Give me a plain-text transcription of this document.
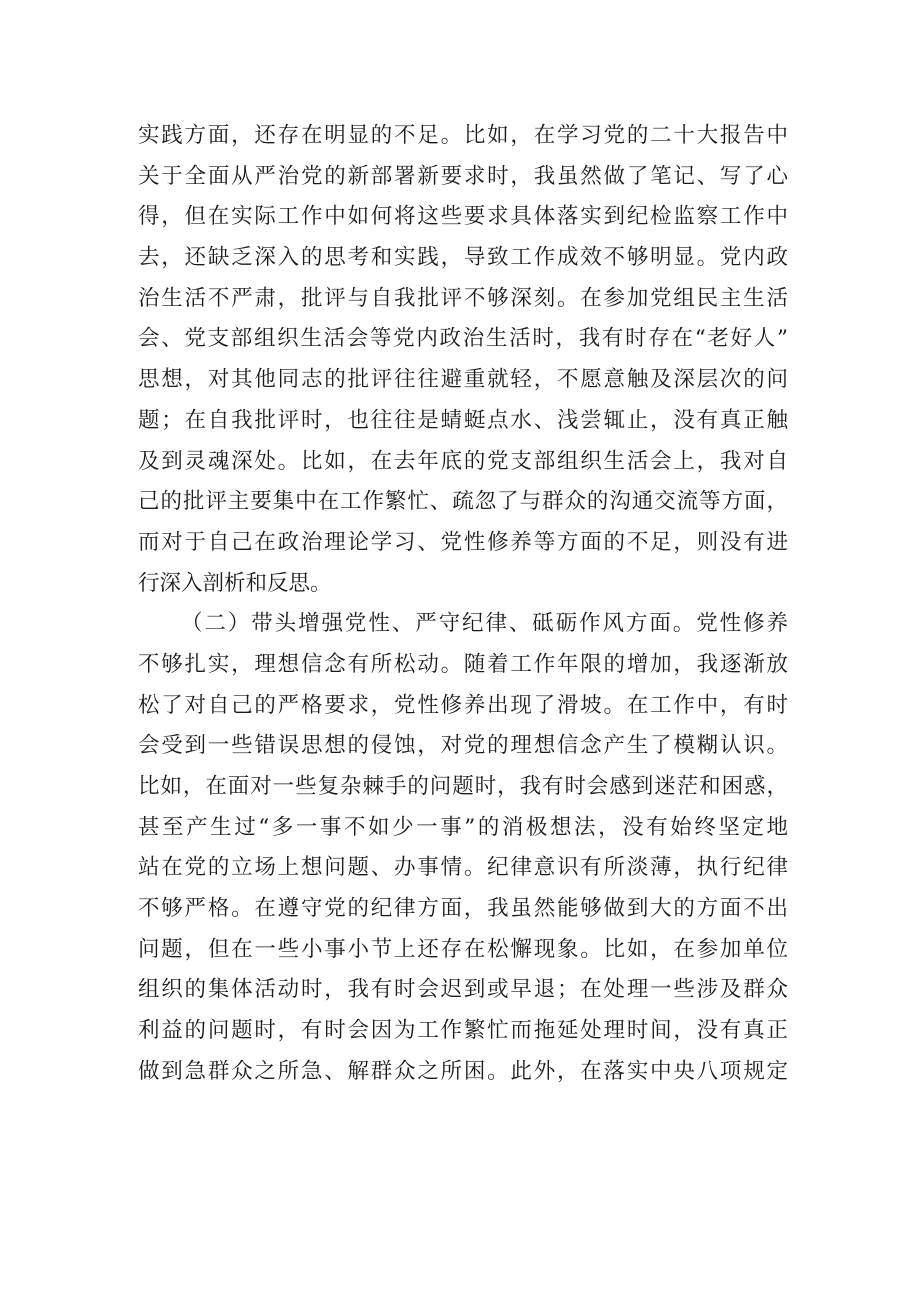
实践方面，还存在明显的不足。比如，在学习党的二十大报告中
关于全面从严治党的新部署新要求时，我虽然做了笔记、写了心
得，但在实际工作中如何将这些要求具体落实到纪检监察工作中
去，还缺乏深入的思考和实践，导致工作成效不够明显。党内政
治生活不严肃，批评与自我批评不够深刻。在参加党组民主生活
会、党支部组织生活会等党内政治生活时，我有时存在“老好人”
思想，对其他同志的批评往往避重就轻，不愿意触及深层次的问
题；在自我批评时，也往往是蜻蜓点水、浅尝辄止，没有真正触
及到灵魂深处。比如，在去年底的党支部组织生活会上，我对自
己的批评主要集中在工作繁忙、疏忽了与群众的沟通交流等方面，
而对于自己在政治理论学习、党性修养等方面的不足，则没有进
行深入剖析和反思。
（二）带头增强党性、严守纪律、砥砺作风方面。党性修养
不够扎实，理想信念有所松动。随着工作年限的增加，我逐渐放
松了对自己的严格要求，党性修养出现了滑坡。在工作中，有时
会受到一些错误思想的侵蚀，对党的理想信念产生了模糊认识。
比如，在面对一些复杂棘手的问题时，我有时会感到迷茫和困惑，
甚至产生过“多一事不如少一事”的消极想法，没有始终坚定地
站在党的立场上想问题、办事情。纪律意识有所淡薄，执行纪律
不够严格。在遵守党的纪律方面，我虽然能够做到大的方面不出
问题，但在一些小事小节上还存在松懈现象。比如，在参加单位
组织的集体活动时，我有时会迟到或早退；在处理一些涉及群众
利益的问题时，有时会因为工作繁忙而拖延处理时间，没有真正
做到急群众之所急、解群众之所困。此外，在落实中央八项规定
